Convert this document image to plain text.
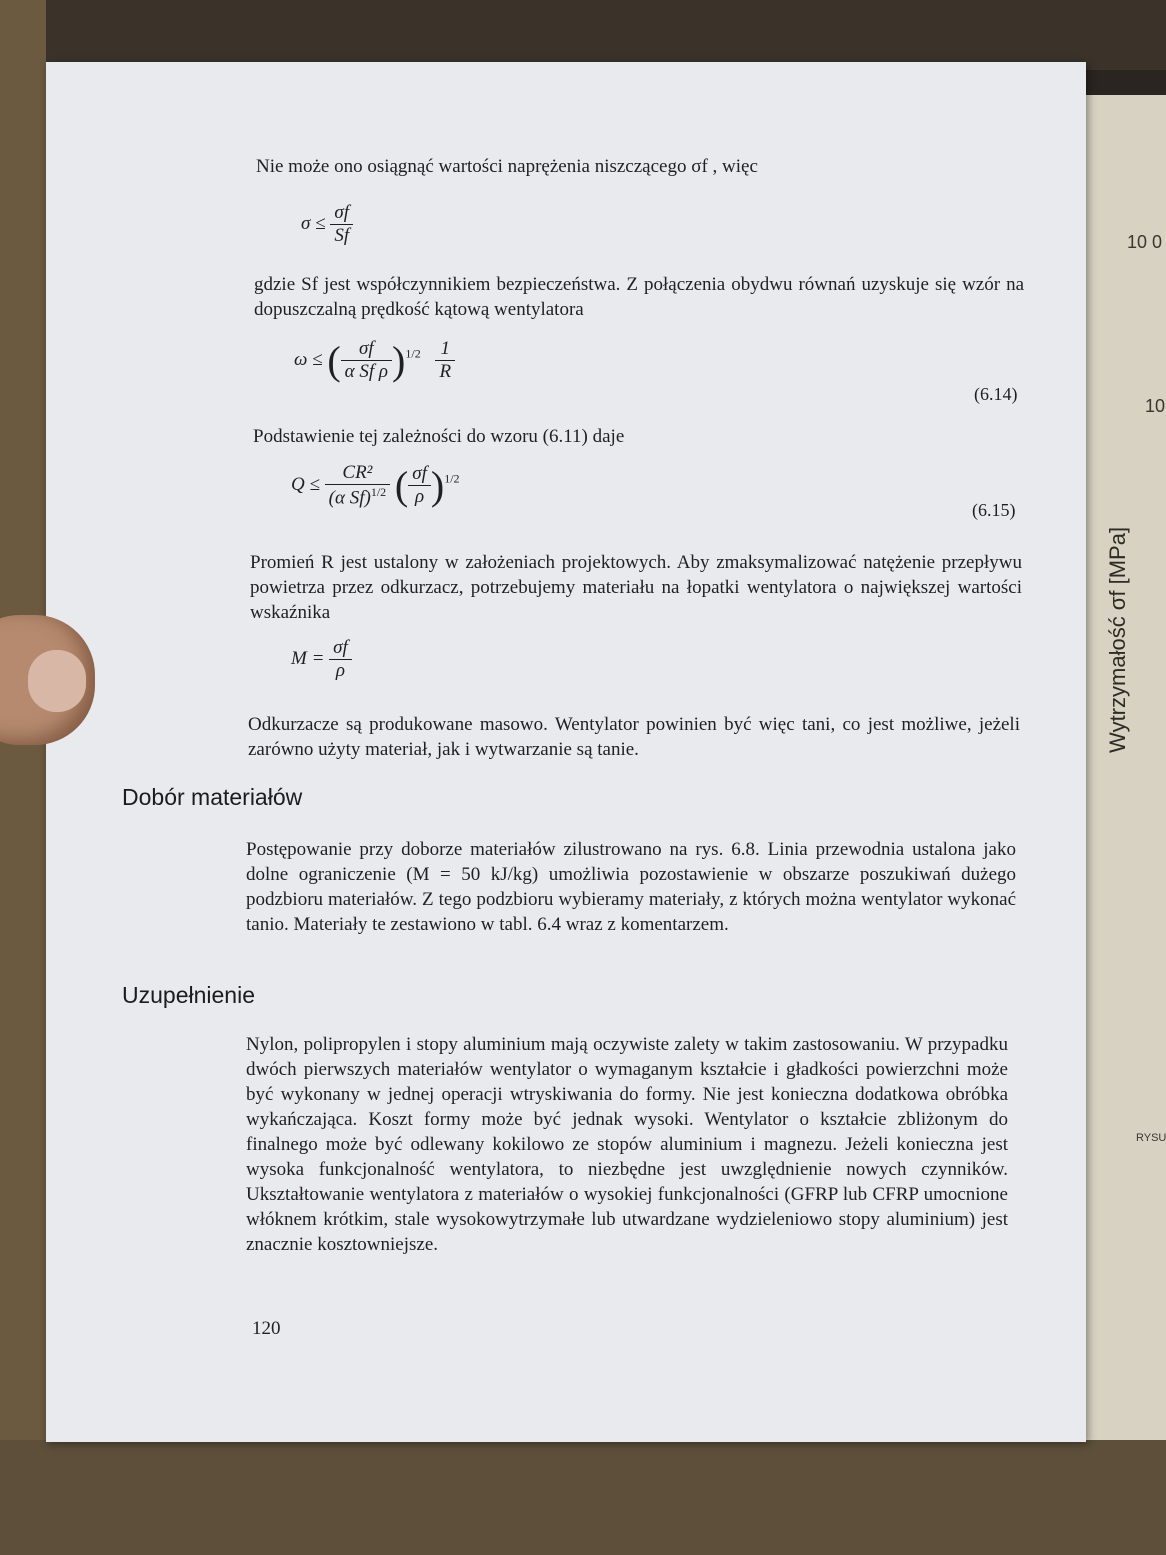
10 0
10
Wytrzymałość σf [MPa]
RYSU
Nie może ono osiągnąć wartości naprężenia niszczącego σf , więc
$\sigma \le \frac{\sigma f}{Sf}$
gdzie Sf jest współczynnikiem bezpieczeństwa. Z połączenia obydwu równań uzyskuje się wzór na dopuszczalną prędkość kątową wentylatora
ω ≤ ( $\frac{\sigma f}{\text{α Sf ρ}} )^{1/2} \frac{1}{R}$
(6.14)
Podstawienie tej zależności do wzoru (6.11) daje
$Q \le \frac{\text{CR²}}{(\alpha Sf)^{1/2}}$ ( $\frac{\sigma f}{\rho} )^{1/2}$
(6.15)
Promień R jest ustalony w założeniach projektowych. Aby zmaksymalizować natężenie przepływu powietrza przez odkurzacz, potrzebujemy materiału na łopatki wentylatora o największej wartości wskaźnika
$M = \frac{\sigma f}{\rho}$
Odkurzacze są produkowane masowo. Wentylator powinien być więc tani, co jest możliwe, jeżeli zarówno użyty materiał, jak i wytwarzanie są tanie.
Dobór materiałów
Postępowanie przy doborze materiałów zilustrowano na rys. 6.8. Linia przewodnia ustalona jako dolne ograniczenie (M = 50 kJ/kg) umożliwia pozostawienie w obszarze poszukiwań dużego podzbioru materiałów. Z tego podzbioru wybieramy materiały, z których można wentylator wykonać tanio. Materiały te zestawiono w tabl. 6.4 wraz z komentarzem.
Uzupełnienie
Nylon, polipropylen i stopy aluminium mają oczywiste zalety w takim zastosowaniu. W przypadku dwóch pierwszych materiałów wentylator o wymaganym kształcie i gładkości powierzchni może być wykonany w jednej operacji wtryskiwania do formy. Nie jest konieczna dodatkowa obróbka wykańczająca. Koszt formy może być jednak wysoki. Wentylator o kształcie zbliżonym do finalnego może być odlewany kokilowo ze stopów aluminium i magnezu. Jeżeli konieczna jest wysoka funkcjonalność wentylatora, to niezbędne jest uwzględnienie nowych czynników. Ukształtowanie wentylatora z materiałów o wysokiej funkcjonalności (GFRP lub CFRP umocnione włóknem krótkim, stale wysokowytrzymałe lub utwardzane wydzieleniowo stopy aluminium) jest znacznie kosztowniejsze.
120
